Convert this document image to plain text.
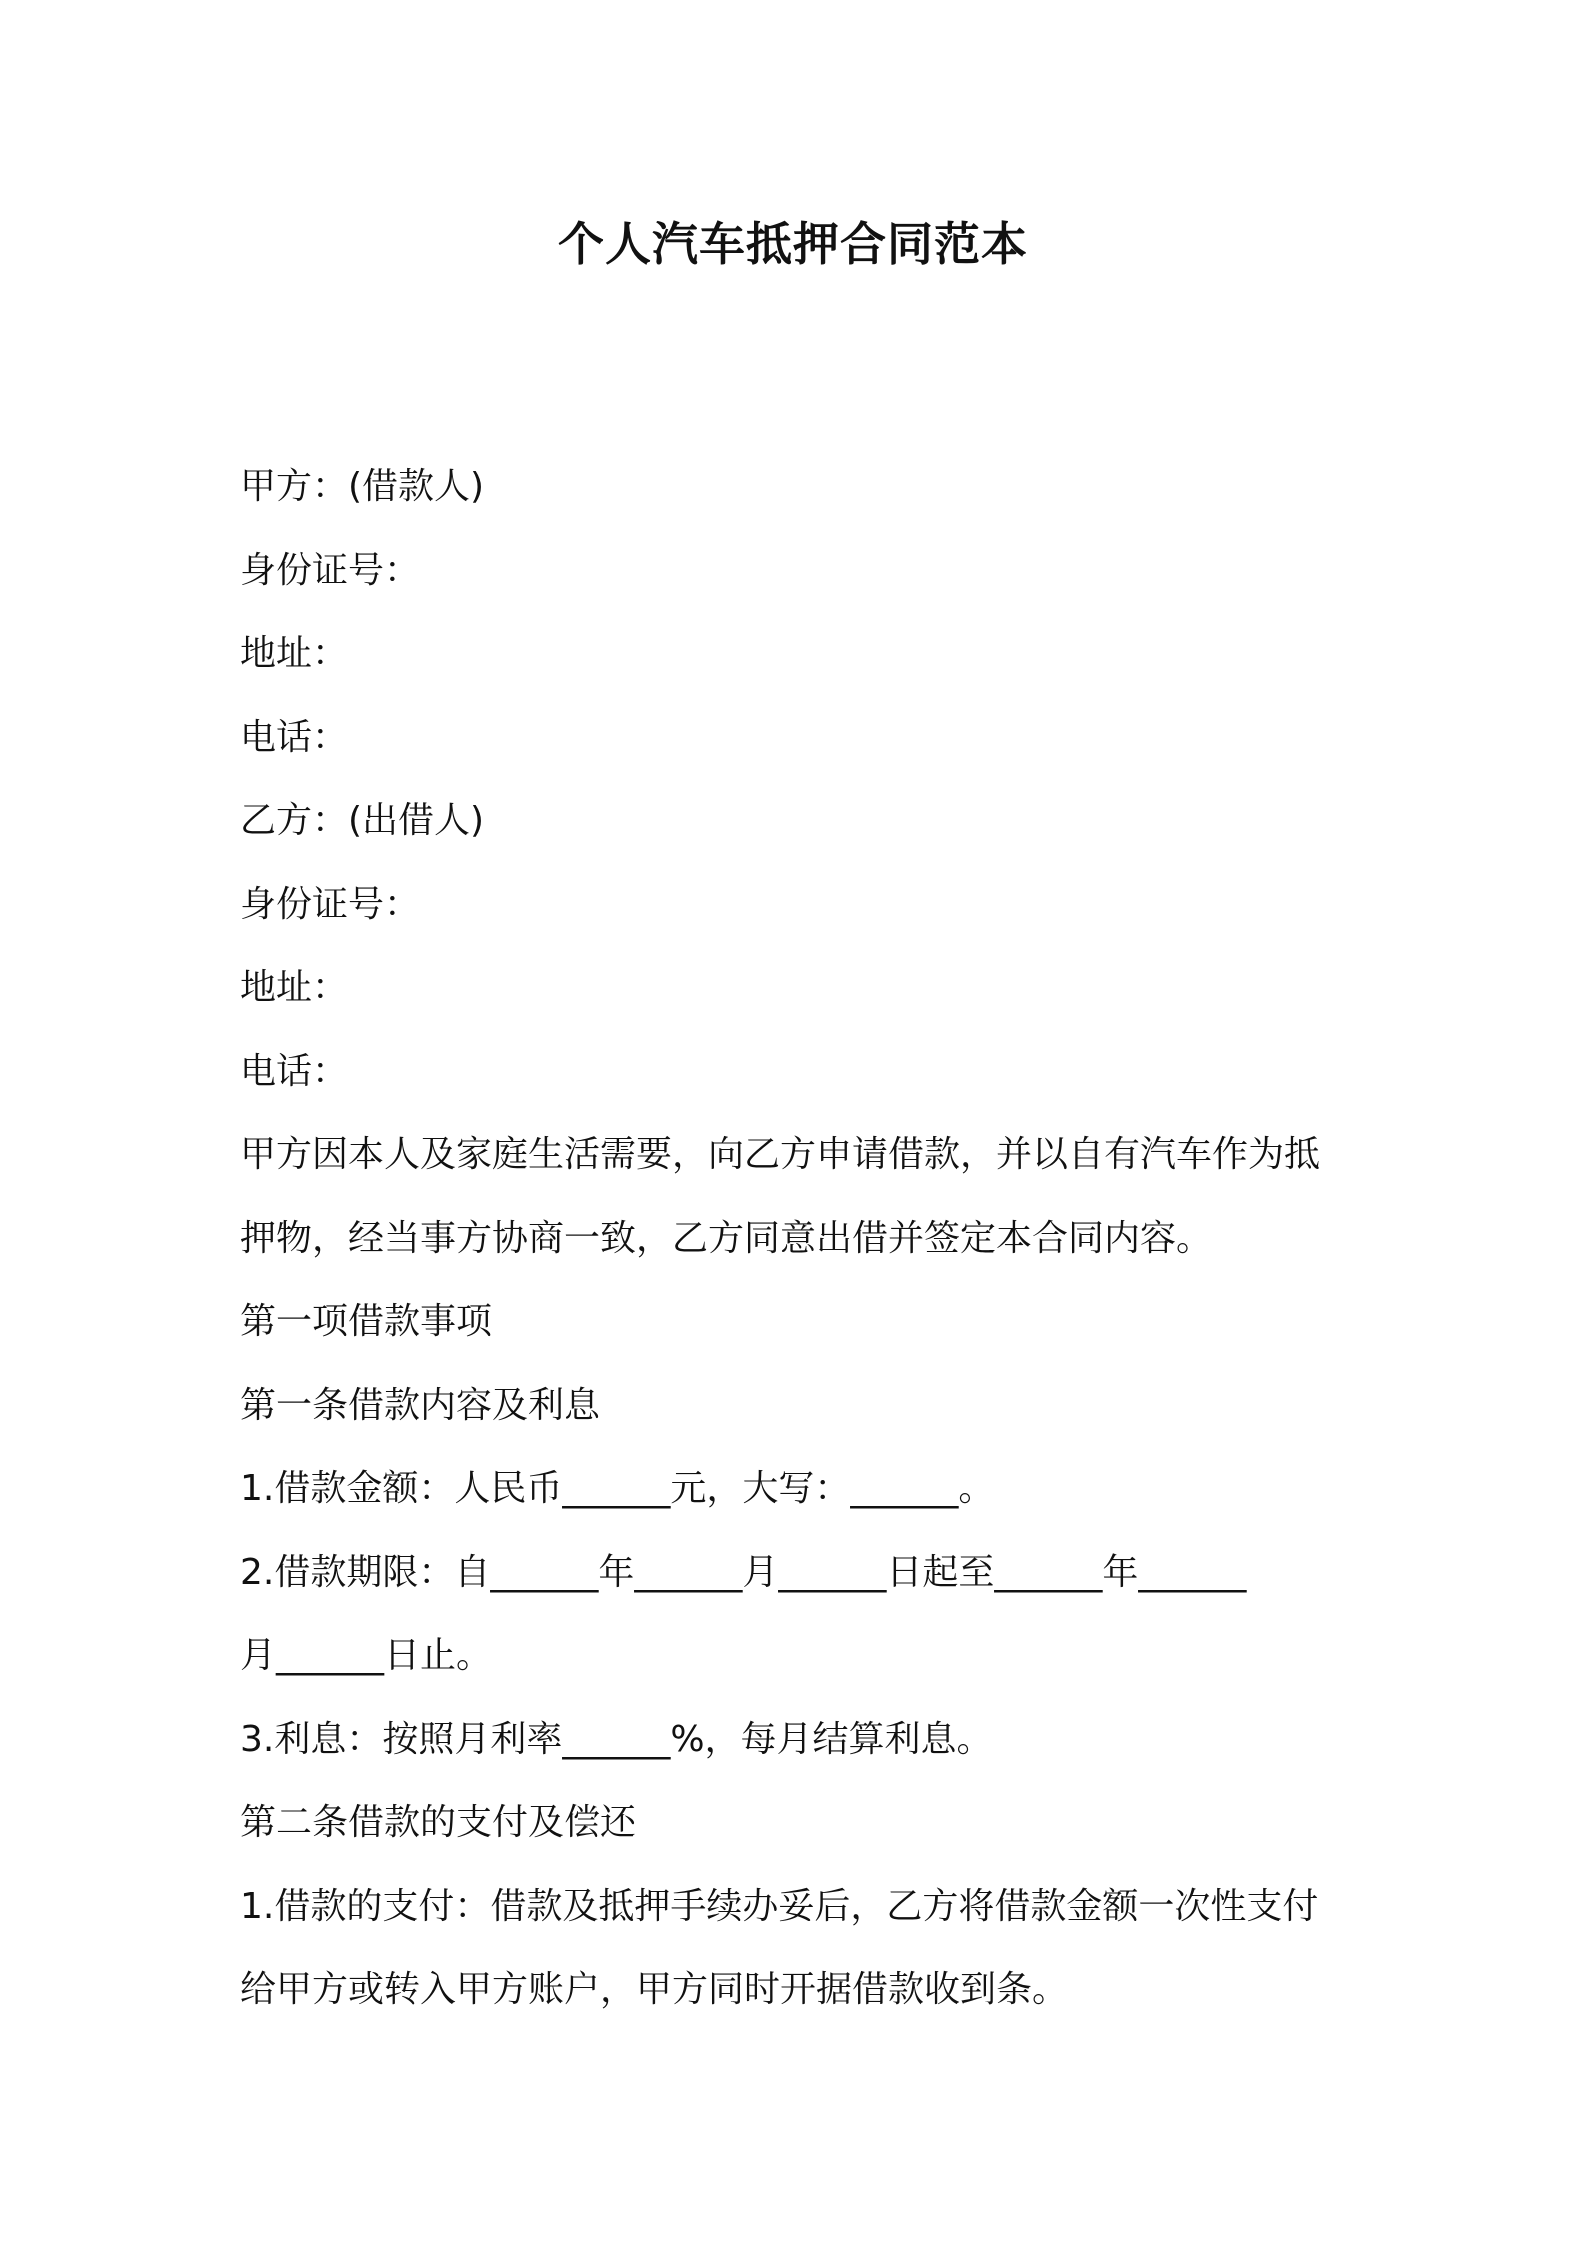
个人汽车抵押合同范本

甲方：(借款人)

身份证号：

地址：

电话：

乙方：(出借人)

身份证号：

地址：

电话：

甲方因本人及家庭生活需要，向乙方申请借款，并以自有汽车作为抵

押物，经当事方协商一致，乙方同意出借并签定本合同内容。

第一项借款事项

第一条借款内容及利息

1.借款金额：人民币______元，大写：______。

2.借款期限：自______年______月______日起至______年______

月______日止。

3.利息：按照月利率______%，每月结算利息。

第二条借款的支付及偿还

1.借款的支付：借款及抵押手续办妥后，乙方将借款金额一次性支付

给甲方或转入甲方账户，甲方同时开据借款收到条。
